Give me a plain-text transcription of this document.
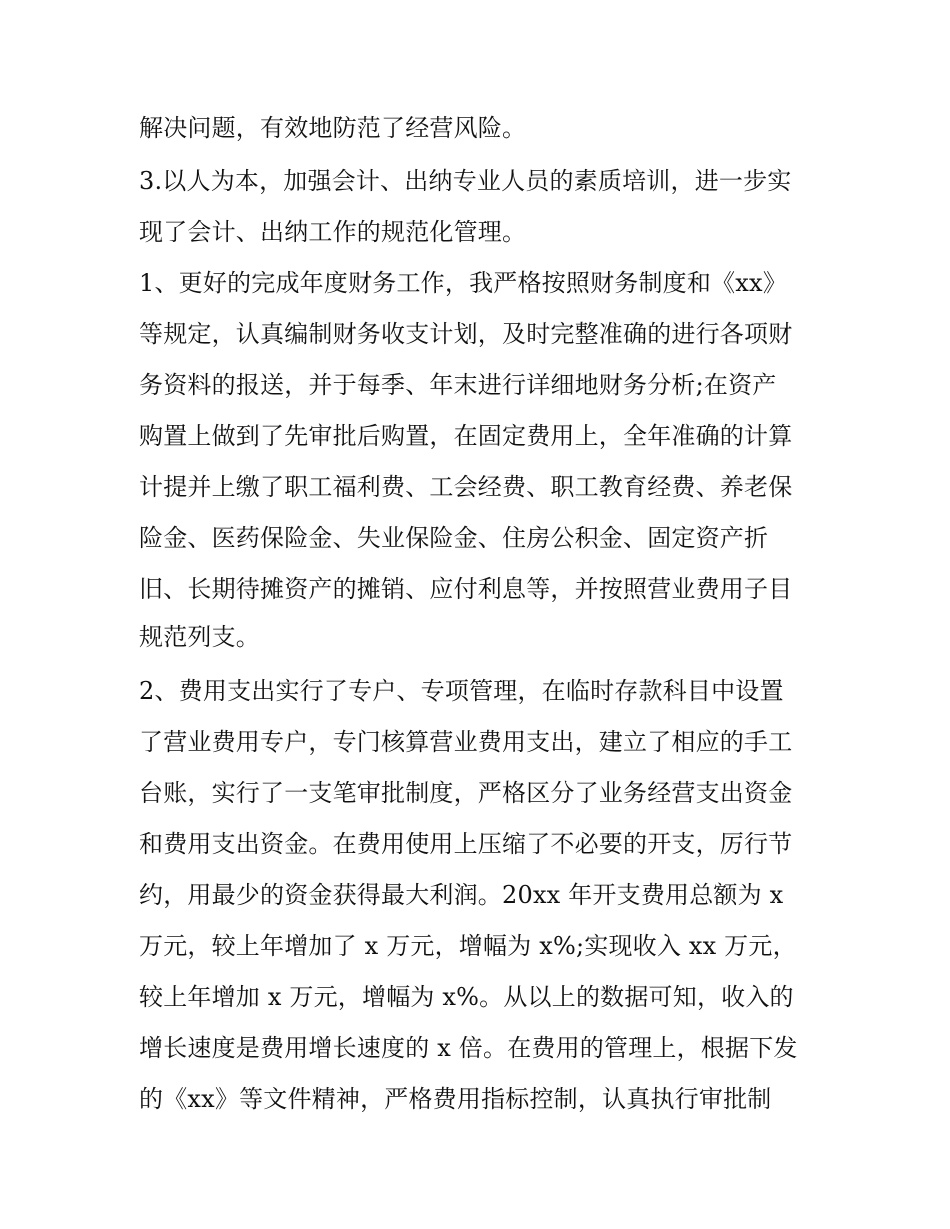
解决问题，有效地防范了经营风险。
3.以人为本，加强会计、出纳专业人员的素质培训，进一步实
现了会计、出纳工作的规范化管理。
1、更好的完成年度财务工作，我严格按照财务制度和《xx》
等规定，认真编制财务收支计划，及时完整准确的进行各项财
务资料的报送，并于每季、年末进行详细地财务分析;在资产
购置上做到了先审批后购置，在固定费用上，全年准确的计算
计提并上缴了职工福利费、工会经费、职工教育经费、养老保
险金、医药保险金、失业保险金、住房公积金、固定资产折
旧、长期待摊资产的摊销、应付利息等，并按照营业费用子目
规范列支。
2、费用支出实行了专户、专项管理，在临时存款科目中设置
了营业费用专户，专门核算营业费用支出，建立了相应的手工
台账，实行了一支笔审批制度，严格区分了业务经营支出资金
和费用支出资金。在费用使用上压缩了不必要的开支，厉行节
约，用最少的资金获得最大利润。20xx 年开支费用总额为 x
万元，较上年增加了 x 万元，增幅为 x%;实现收入 xx 万元，
较上年增加 x 万元，增幅为 x%。从以上的数据可知，收入的
增长速度是费用增长速度的 x 倍。在费用的管理上，根据下发
的《xx》等文件精神，严格费用指标控制，认真执行审批制
